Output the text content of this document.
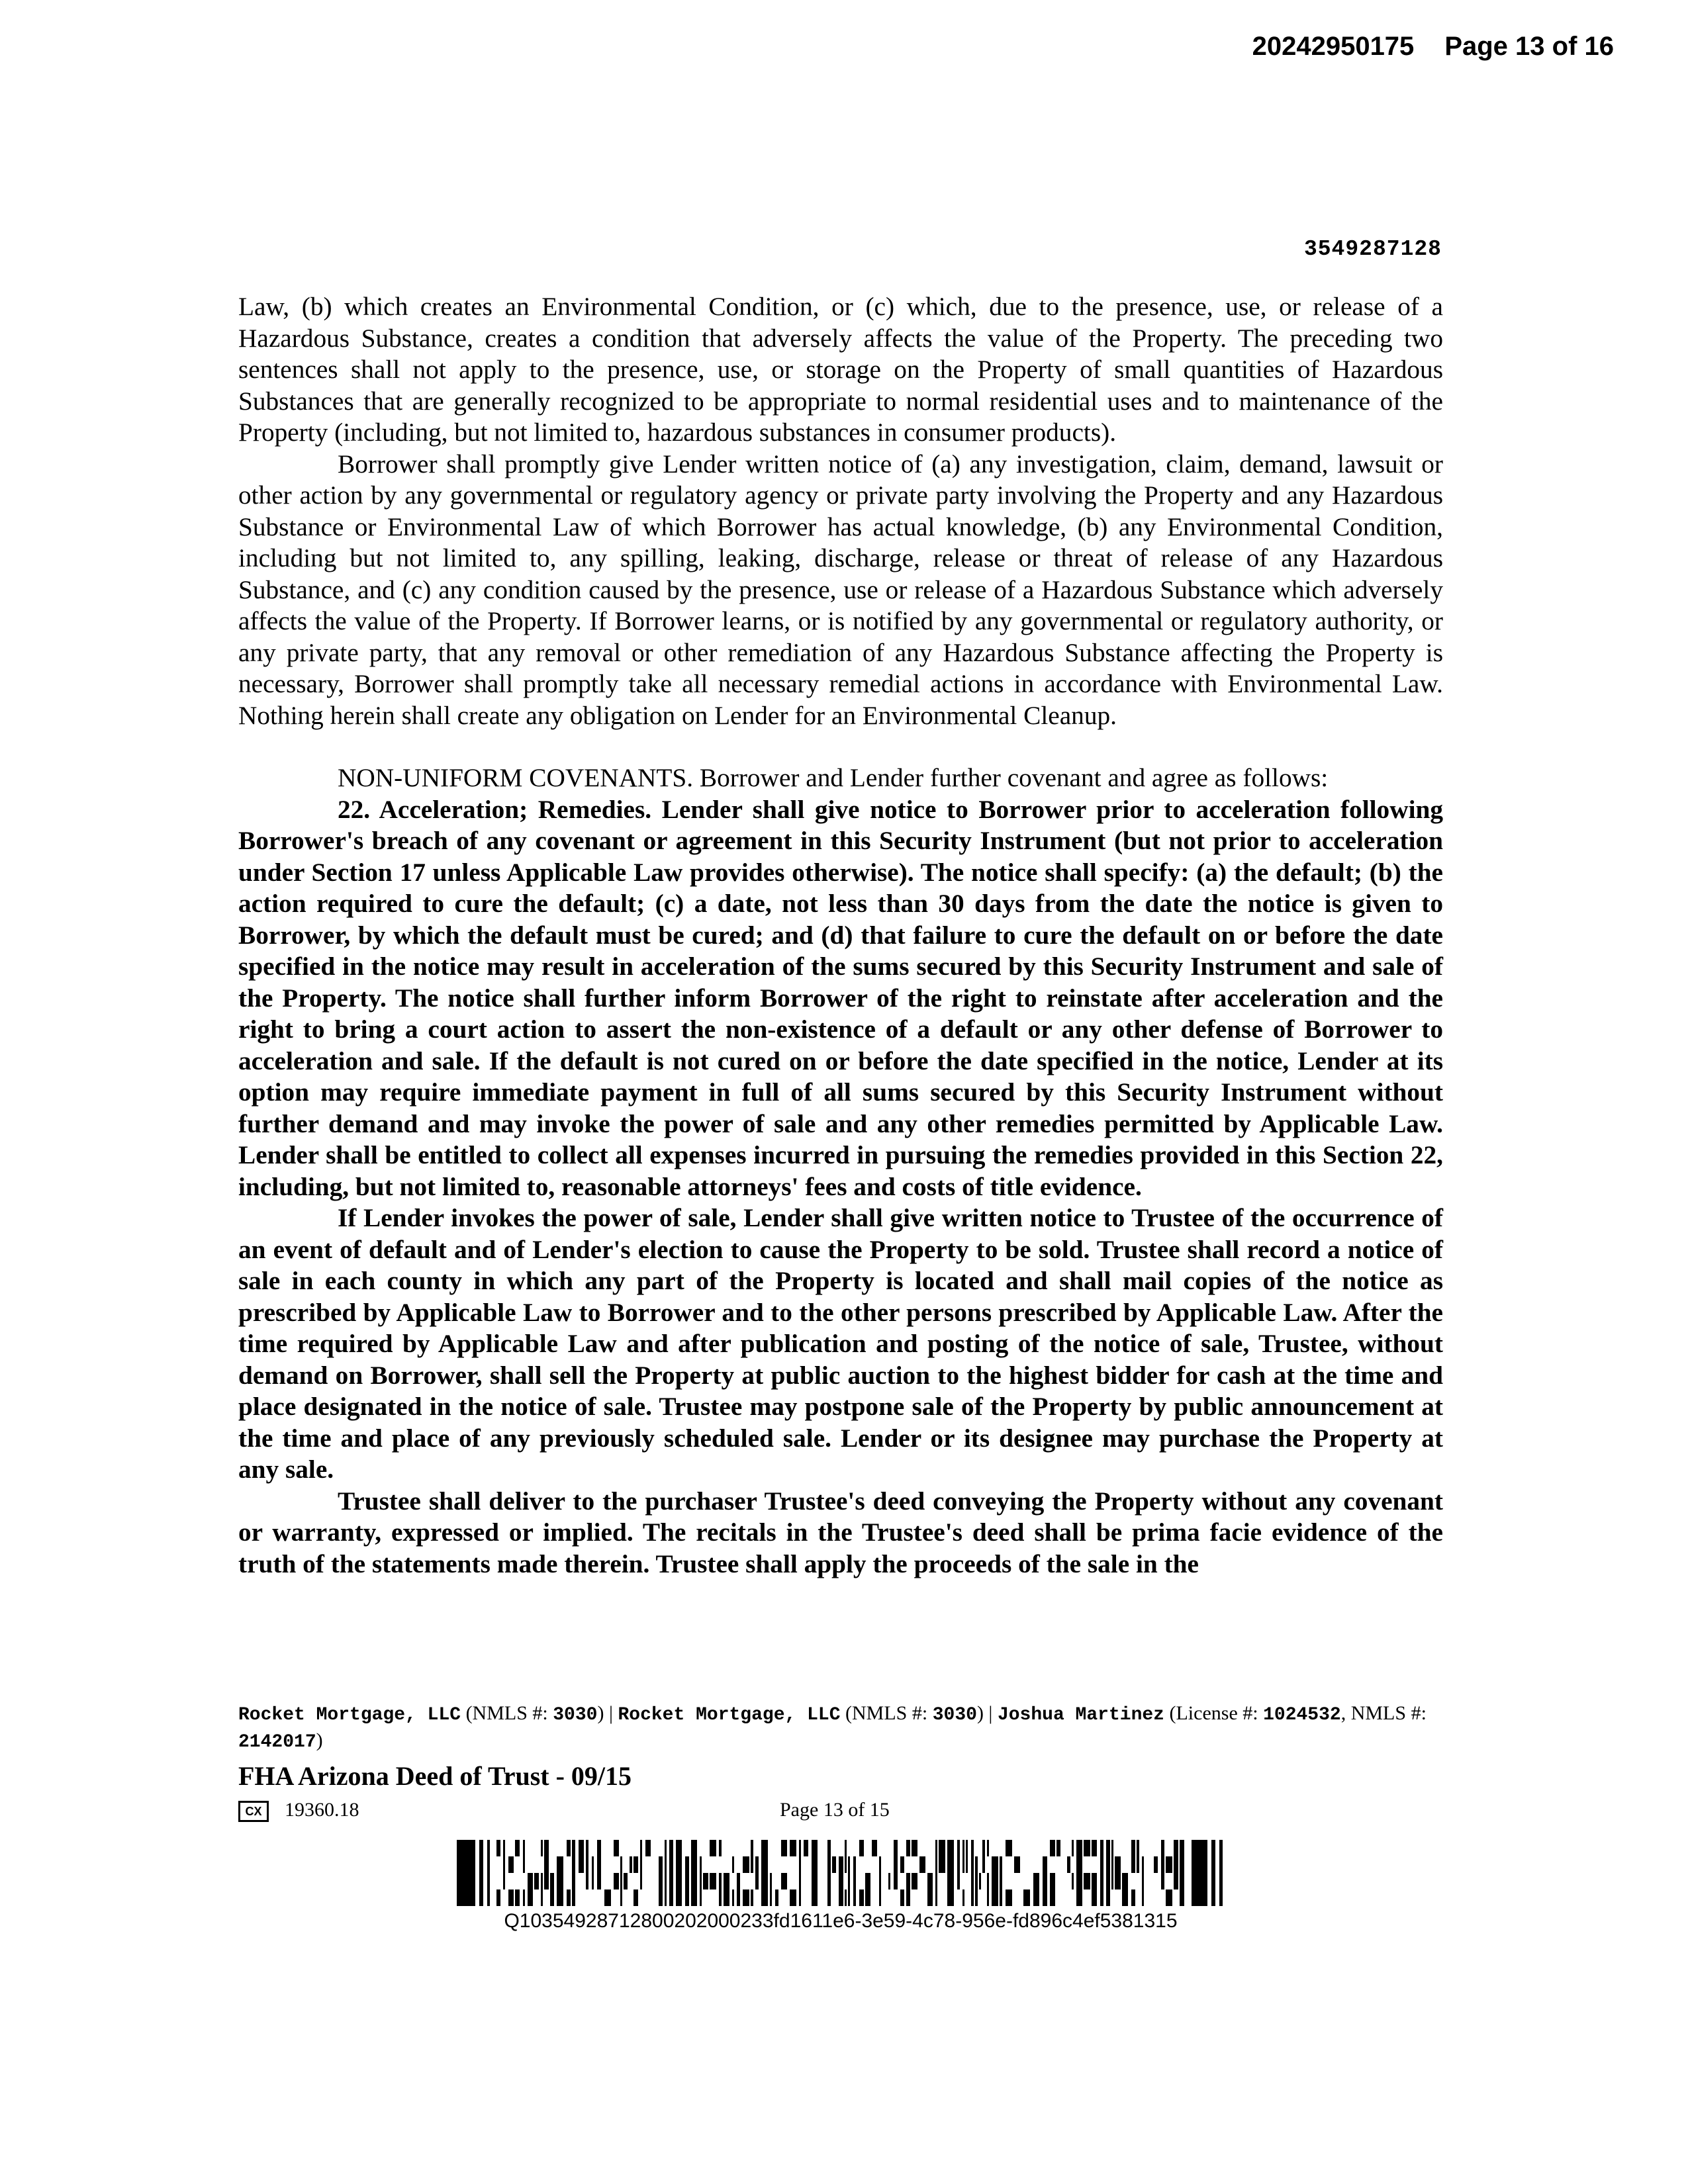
20242950175 Page 13 of 16
3549287128

Law, (b) which creates an Environmental Condition, or (c) which, due to the presence, use, or release of a Hazardous Substance, creates a condition that adversely affects the value of the Property. The preceding two sentences shall not apply to the presence, use, or storage on the Property of small quantities of Hazardous Substances that are generally recognized to be appropriate to normal residential uses and to maintenance of the Property (including, but not limited to, hazardous substances in consumer products).

Borrower shall promptly give Lender written notice of (a) any investigation, claim, demand, lawsuit or other action by any governmental or regulatory agency or private party involving the Property and any Hazardous Substance or Environmental Law of which Borrower has actual knowledge, (b) any Environmental Condition, including but not limited to, any spilling, leaking, discharge, release or threat of release of any Hazardous Substance, and (c) any condition caused by the presence, use or release of a Hazardous Substance which adversely affects the value of the Property. If Borrower learns, or is notified by any governmental or regulatory authority, or any private party, that any removal or other remediation of any Hazardous Substance affecting the Property is necessary, Borrower shall promptly take all necessary remedial actions in accordance with Environmental Law. Nothing herein shall create any obligation on Lender for an Environmental Cleanup.

NON-UNIFORM COVENANTS. Borrower and Lender further covenant and agree as follows:

22. Acceleration; Remedies. Lender shall give notice to Borrower prior to acceleration following Borrower's breach of any covenant or agreement in this Security Instrument (but not prior to acceleration under Section 17 unless Applicable Law provides otherwise). The notice shall specify: (a) the default; (b) the action required to cure the default; (c) a date, not less than 30 days from the date the notice is given to Borrower, by which the default must be cured; and (d) that failure to cure the default on or before the date specified in the notice may result in acceleration of the sums secured by this Security Instrument and sale of the Property. The notice shall further inform Borrower of the right to reinstate after acceleration and the right to bring a court action to assert the non-existence of a default or any other defense of Borrower to acceleration and sale. If the default is not cured on or before the date specified in the notice, Lender at its option may require immediate payment in full of all sums secured by this Security Instrument without further demand and may invoke the power of sale and any other remedies permitted by Applicable Law. Lender shall be entitled to collect all expenses incurred in pursuing the remedies provided in this Section 22, including, but not limited to, reasonable attorneys' fees and costs of title evidence.

If Lender invokes the power of sale, Lender shall give written notice to Trustee of the occurrence of an event of default and of Lender's election to cause the Property to be sold. Trustee shall record a notice of sale in each county in which any part of the Property is located and shall mail copies of the notice as prescribed by Applicable Law to Borrower and to the other persons prescribed by Applicable Law. After the time required by Applicable Law and after publication and posting of the notice of sale, Trustee, without demand on Borrower, shall sell the Property at public auction to the highest bidder for cash at the time and place designated in the notice of sale. Trustee may postpone sale of the Property by public announcement at the time and place of any previously scheduled sale. Lender or its designee may purchase the Property at any sale.

Trustee shall deliver to the purchaser Trustee's deed conveying the Property without any covenant or warranty, expressed or implied. The recitals in the Trustee's deed shall be prima facie evidence of the truth of the statements made therein. Trustee shall apply the proceeds of the sale in the

Rocket Mortgage, LLC (NMLS #: 3030) | Rocket Mortgage, LLC (NMLS #: 3030) | Joshua Martinez (License #: 1024532, NMLS #: 2142017)
FHA Arizona Deed of Trust - 09/15
CX 19360.18	Page 13 of 15
Q10354928712800202000233fd1611e6-3e59-4c78-956e-fd896c4ef5381315
